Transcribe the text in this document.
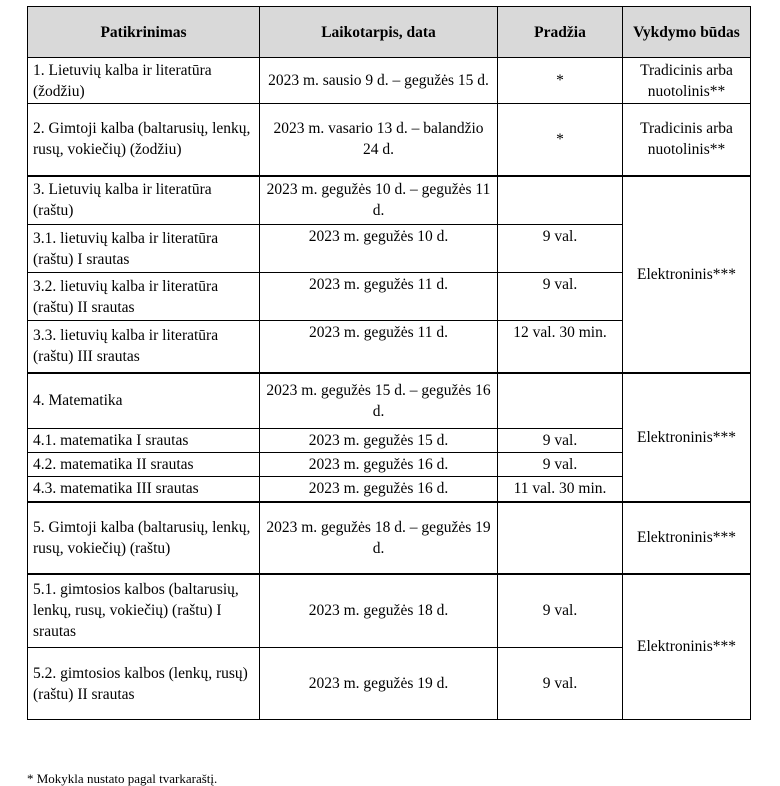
Patikrinimas	Laikotarpis, data	Pradžia	Vykdymo būdas
1. Lietuvių kalba ir literatūra (žodžiu)	2023 m. sausio 9 d. – gegužės 15 d.	*	Tradicinis arba nuotolinis**
2. Gimtoji kalba (baltarusių, lenkų, rusų, vokiečių) (žodžiu)	2023 m. vasario 13 d. – balandžio 24 d.	*	Tradicinis arba nuotolinis**
3. Lietuvių kalba ir literatūra (raštu)	2023 m. gegužės 10 d. – gegužės 11 d.		Elektroninis***
3.1. lietuvių kalba ir literatūra (raštu) I srautas	2023 m. gegužės 10 d.	9 val.	
3.2. lietuvių kalba ir literatūra (raštu) II srautas	2023 m. gegužės 11 d.	9 val.	
3.3. lietuvių kalba ir literatūra (raštu) III srautas	2023 m. gegužės 11 d.	12 val. 30 min.	
4. Matematika	2023 m. gegužės 15 d. – gegužės 16 d.		Elektroninis***
4.1. matematika I srautas	2023 m. gegužės 15 d.	9 val.	
4.2. matematika II srautas	2023 m. gegužės 16 d.	9 val.	
4.3. matematika III srautas	2023 m. gegužės 16 d.	11 val. 30 min.	
5. Gimtoji kalba (baltarusių, lenkų, rusų, vokiečių) (raštu)	2023 m. gegužės 18 d. – gegužės 19 d.		Elektroninis***
5.1. gimtosios kalbos (baltarusių, lenkų, rusų, vokiečių) (raštu) I srautas	2023 m. gegužės 18 d.	9 val.	Elektroninis***
5.2. gimtosios kalbos (lenkų, rusų) (raštu) II srautas	2023 m. gegužės 19 d.	9 val.	
* Mokykla nustato pagal tvarkaraštį.
